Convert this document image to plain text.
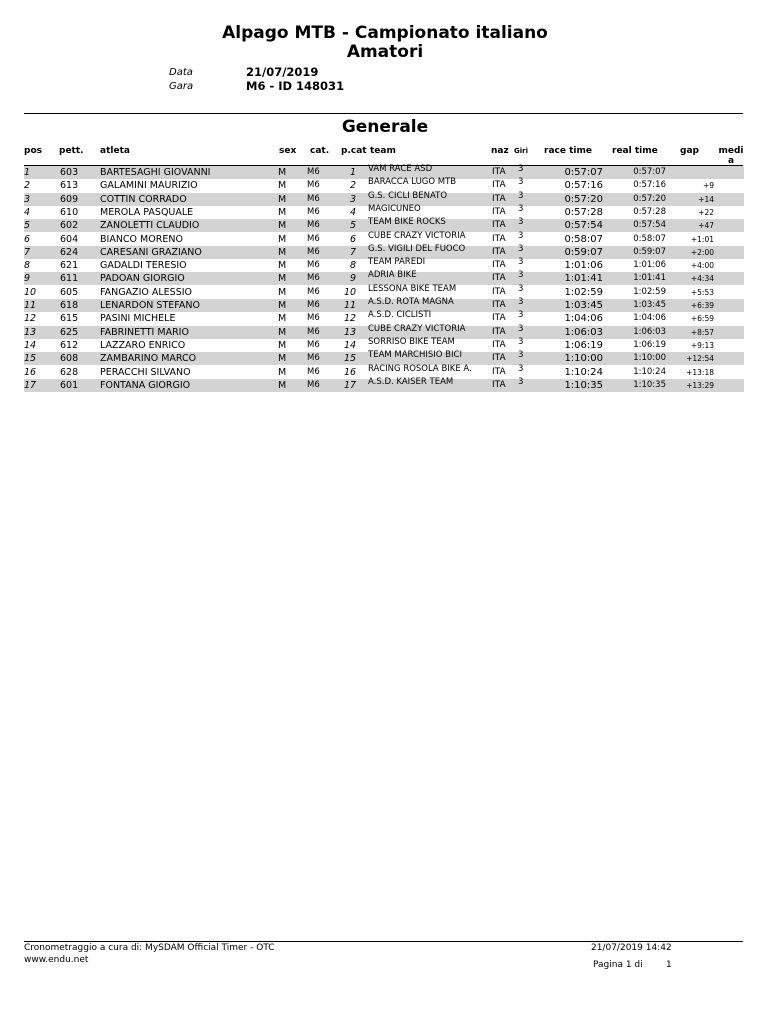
Alpago MTB - Campionato italiano
Amatori
Data	21/07/2019
Gara	M6 - ID 148031
Generale
pos pett. atleta	sex cat. p.cat team	naz Giri race time real time gap medi
a
1	603 BARTESAGHI GIOVANNI	M M6	1 VAM RACE ASD	ITA 3	0:57:07	0:57:07
2	613 GALAMINI MAURIZIO	M M6	2 BARACCA LUGO MTB	ITA 3	0:57:16	0:57:16	+9
3	609 COTTIN CORRADO	M M6	3 G.S. CICLI BENATO	ITA 3	0:57:20	0:57:20	+14
4	610 MEROLA PASQUALE	M M6	4 MAGICUNEO	ITA 3	0:57:28	0:57:28	+22
5	602 ZANOLETTI CLAUDIO	M M6	5 TEAM BIKE ROCKS	ITA 3	0:57:54	0:57:54	+47
6	604 BIANCO MORENO	M M6	6 CUBE CRAZY VICTORIA	ITA 3	0:58:07	0:58:07	+1:01
7	624 CARESANI GRAZIANO	M M6	7 G.S. VIGILI DEL FUOCO	ITA 3	0:59:07	0:59:07	+2:00
8	621 GADALDI TERESIO	M M6	8 TEAM PAREDI	ITA 3	1:01:06	1:01:06	+4:00
9	611 PADOAN GIORGIO	M M6	9 ADRIA BIKE	ITA 3	1:01:41	1:01:41	+4:34
10	605 FANGAZIO ALESSIO	M M6	10 LESSONA BIKE TEAM	ITA 3	1:02:59	1:02:59	+5:53
11	618 LENARDON STEFANO	M M6	11 A.S.D. ROTA MAGNA	ITA 3	1:03:45	1:03:45	+6:39
12	615 PASINI MICHELE	M M6	12 A.S.D. CICLISTI	ITA 3	1:04:06	1:04:06	+6:59
13	625 FABRINETTI MARIO	M M6	13 CUBE CRAZY VICTORIA	ITA 3	1:06:03	1:06:03	+8:57
14	612 LAZZARO ENRICO	M M6	14 SORRISO BIKE TEAM	ITA 3	1:06:19	1:06:19	+9:13
15	608 ZAMBARINO MARCO	M M6	15 TEAM MARCHISIO BICI	ITA 3	1:10:00	1:10:00	+12:54
16	628 PERACCHI SILVANO	M M6	16 RACING ROSOLA BIKE A. ITA 3	1:10:24	1:10:24	+13:18
17	601 FONTANA GIORGIO	M M6	17 A.S.D. KAISER TEAM	ITA 3	1:10:35	1:10:35	+13:29
Cronometraggio a cura di: MySDAM Official Timer - OTC
www.endu.net
21/07/2019 14:42
Pagina 1 di	1
